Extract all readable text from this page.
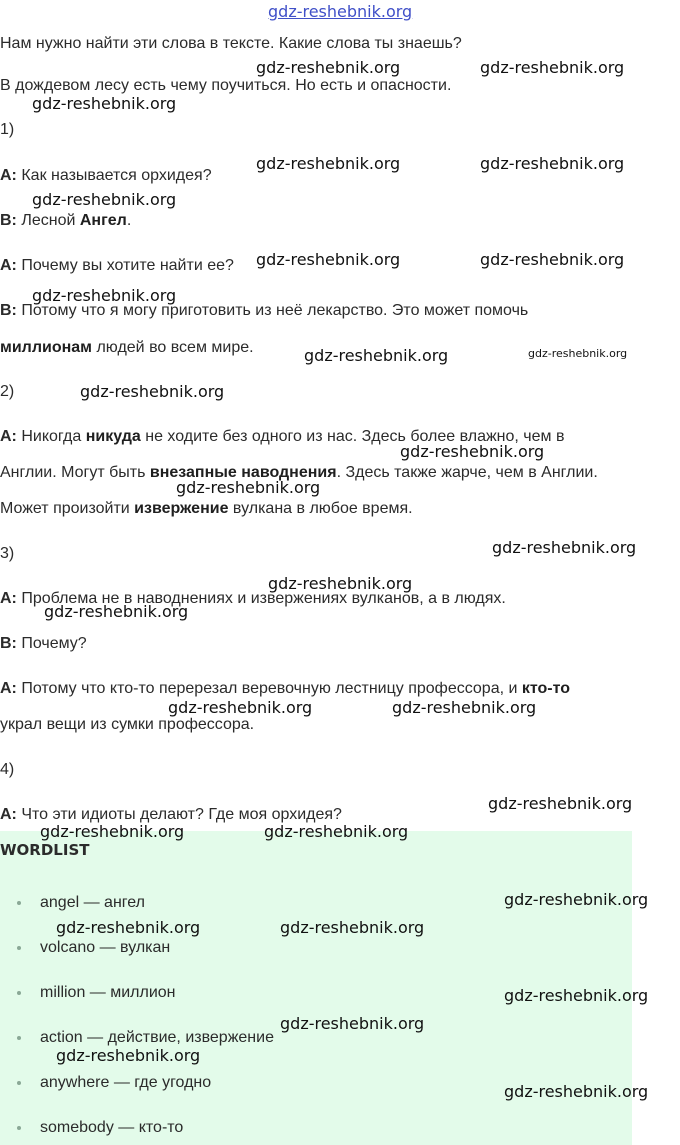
gdz-reshebnik.org
Нам нужно найти эти слова в тексте. Какие слова ты знаешь?
В дождевом лесу есть чему поучиться. Но есть и опасности.
1)
A: Как называется орхидея?
B: Лесной Ангел.
A: Почему вы хотите найти ее?
B: Потому что я могу приготовить из неё лекарство. Это может помочь
миллионам людей во всем мире.
2)
A: Никогда никуда не ходите без одного из нас. Здесь более влажно, чем в
Англии. Могут быть внезапные наводнения. Здесь также жарче, чем в Англии.
Может произойти извержение вулкана в любое время.
3)
A: Проблема не в наводнениях и извержениях вулканов, а в людях.
B: Почему?
A: Потому что кто-то перерезал веревочную лестницу профессора, и кто-то
украл вещи из сумки профессора.
4)
A: Что эти идиоты делают? Где моя орхидея?
WORDLIST
angel — ангел
volcano — вулкан
million — миллион
action — действие, извержение
anywhere — где угодно
somebody — кто-то
gdz-reshebnik.org	gdz-reshebnik.org
gdz-reshebnik.org
gdz-reshebnik.org	gdz-reshebnik.org
gdz-reshebnik.org
gdz-reshebnik.org	gdz-reshebnik.org
gdz-reshebnik.org
gdz-reshebnik.org	gdz-reshebnik.org
gdz-reshebnik.org
gdz-reshebnik.org
gdz-reshebnik.org
gdz-reshebnik.org
gdz-reshebnik.org
gdz-reshebnik.org
gdz-reshebnik.org	gdz-reshebnik.org
gdz-reshebnik.org
gdz-reshebnik.org	gdz-reshebnik.org
gdz-reshebnik.org
gdz-reshebnik.org	gdz-reshebnik.org
gdz-reshebnik.org
gdz-reshebnik.org
gdz-reshebnik.org
gdz-reshebnik.org
